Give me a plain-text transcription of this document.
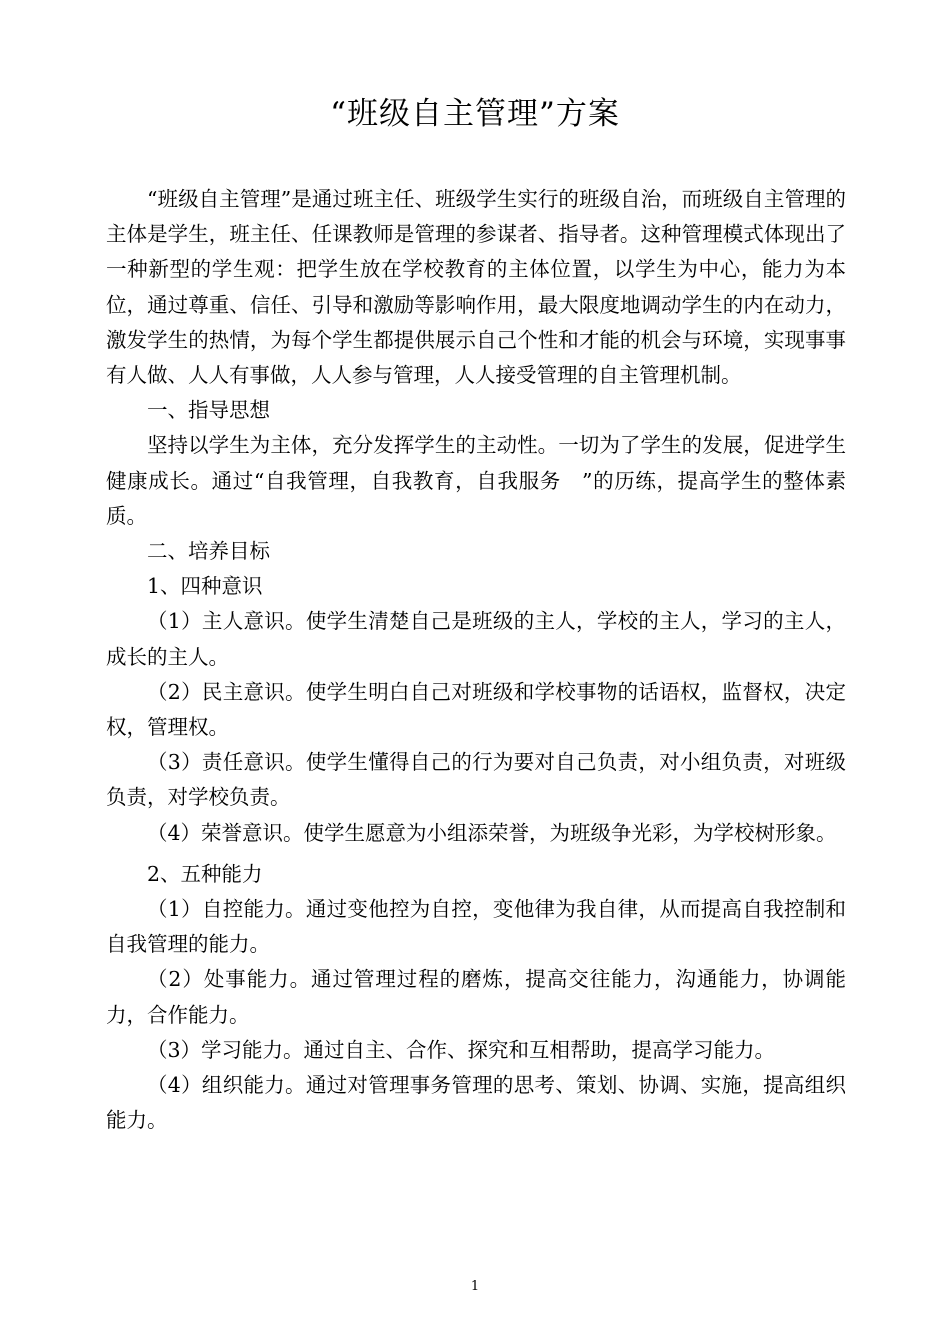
“班级自主管理”方案

“班级自主管理”是通过班主任、班级学生实行的班级自治，而班级自主管理的主体是学生，班主任、任课教师是管理的参谋者、指导者。这种管理模式体现出了一种新型的学生观：把学生放在学校教育的主体位置，以学生为中心，能力为本位，通过尊重、信任、引导和激励等影响作用，最大限度地调动学生的内在动力，激发学生的热情，为每个学生都提供展示自己个性和才能的机会与环境，实现事事有人做、人人有事做，人人参与管理，人人接受管理的自主管理机制。

一、指导思想

坚持以学生为主体，充分发挥学生的主动性。一切为了学生的发展，促进学生健康成长。通过“自我管理，自我教育，自我服务　”的历练，提高学生的整体素质。

二、培养目标

1、四种意识

（1）主人意识。使学生清楚自己是班级的主人，学校的主人，学习的主人，成长的主人。

（2）民主意识。使学生明白自己对班级和学校事物的话语权，监督权，决定权，管理权。

（3）责任意识。使学生懂得自己的行为要对自己负责，对小组负责，对班级负责，对学校负责。

（4）荣誉意识。使学生愿意为小组添荣誉，为班级争光彩，为学校树形象。

2、五种能力

（1）自控能力。通过变他控为自控，变他律为我自律，从而提高自我控制和自我管理的能力。

（2）处事能力。通过管理过程的磨炼，提高交往能力，沟通能力，协调能力，合作能力。

（3）学习能力。通过自主、合作、探究和互相帮助，提高学习能力。

（4）组织能力。通过对管理事务管理的思考、策划、协调、实施，提高组织能力。

1
